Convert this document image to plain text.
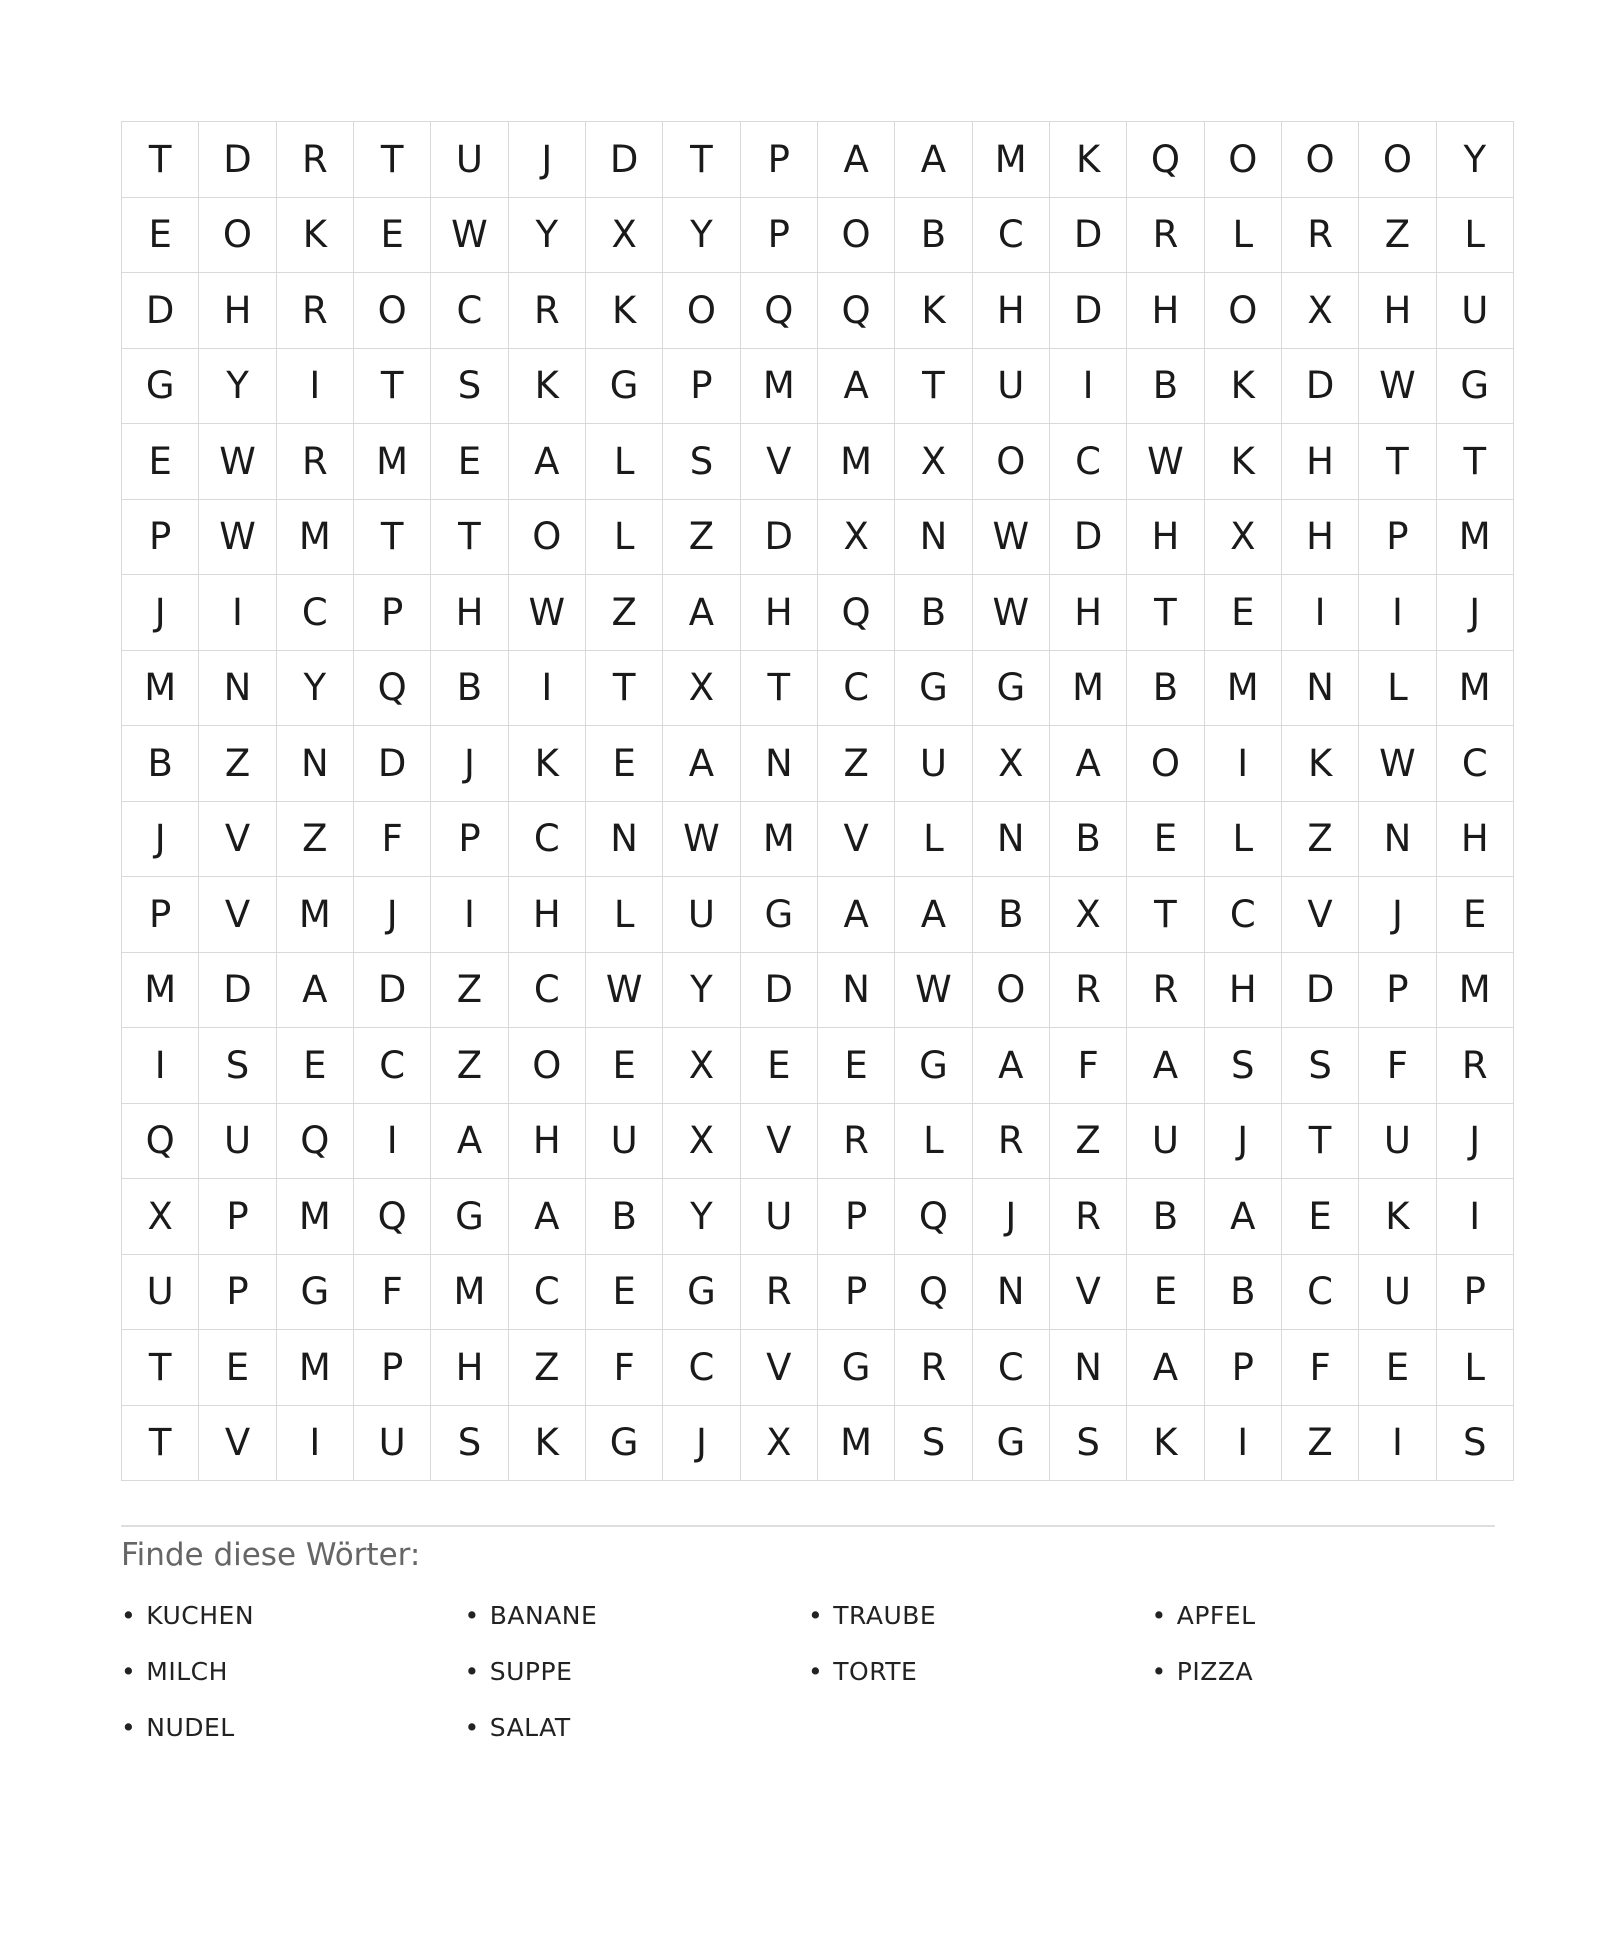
T	D	R	T	U	J	D	T	P	A	A	M	K	Q	O	O	O	Y
E	O	K	E	W	Y	X	Y	P	O	B	C	D	R	L	R	Z	L
D	H	R	O	C	R	K	O	Q	Q	K	H	D	H	O	X	H	U
G	Y	I	T	S	K	G	P	M	A	T	U	I	B	K	D	W	G
E	W	R	M	E	A	L	S	V	M	X	O	C	W	K	H	T	T
P	W	M	T	T	O	L	Z	D	X	N	W	D	H	X	H	P	M
J	I	C	P	H	W	Z	A	H	Q	B	W	H	T	E	I	I	J
M	N	Y	Q	B	I	T	X	T	C	G	G	M	B	M	N	L	M
B	Z	N	D	J	K	E	A	N	Z	U	X	A	O	I	K	W	C
J	V	Z	F	P	C	N	W	M	V	L	N	B	E	L	Z	N	H
P	V	M	J	I	H	L	U	G	A	A	B	X	T	C	V	J	E
M	D	A	D	Z	C	W	Y	D	N	W	O	R	R	H	D	P	M
I	S	E	C	Z	O	E	X	E	E	G	A	F	A	S	S	F	R
Q	U	Q	I	A	H	U	X	V	R	L	R	Z	U	J	T	U	J
X	P	M	Q	G	A	B	Y	U	P	Q	J	R	B	A	E	K	I
U	P	G	F	M	C	E	G	R	P	Q	N	V	E	B	C	U	P
T	E	M	P	H	Z	F	C	V	G	R	C	N	A	P	F	E	L
T	V	I	U	S	K	G	J	X	M	S	G	S	K	I	Z	I	S
Finde diese Wörter:
• KUCHEN	• BANANE	• TRAUBE	• APFEL
• MILCH	• SUPPE	• TORTE	• PIZZA
• NUDEL	• SALAT
